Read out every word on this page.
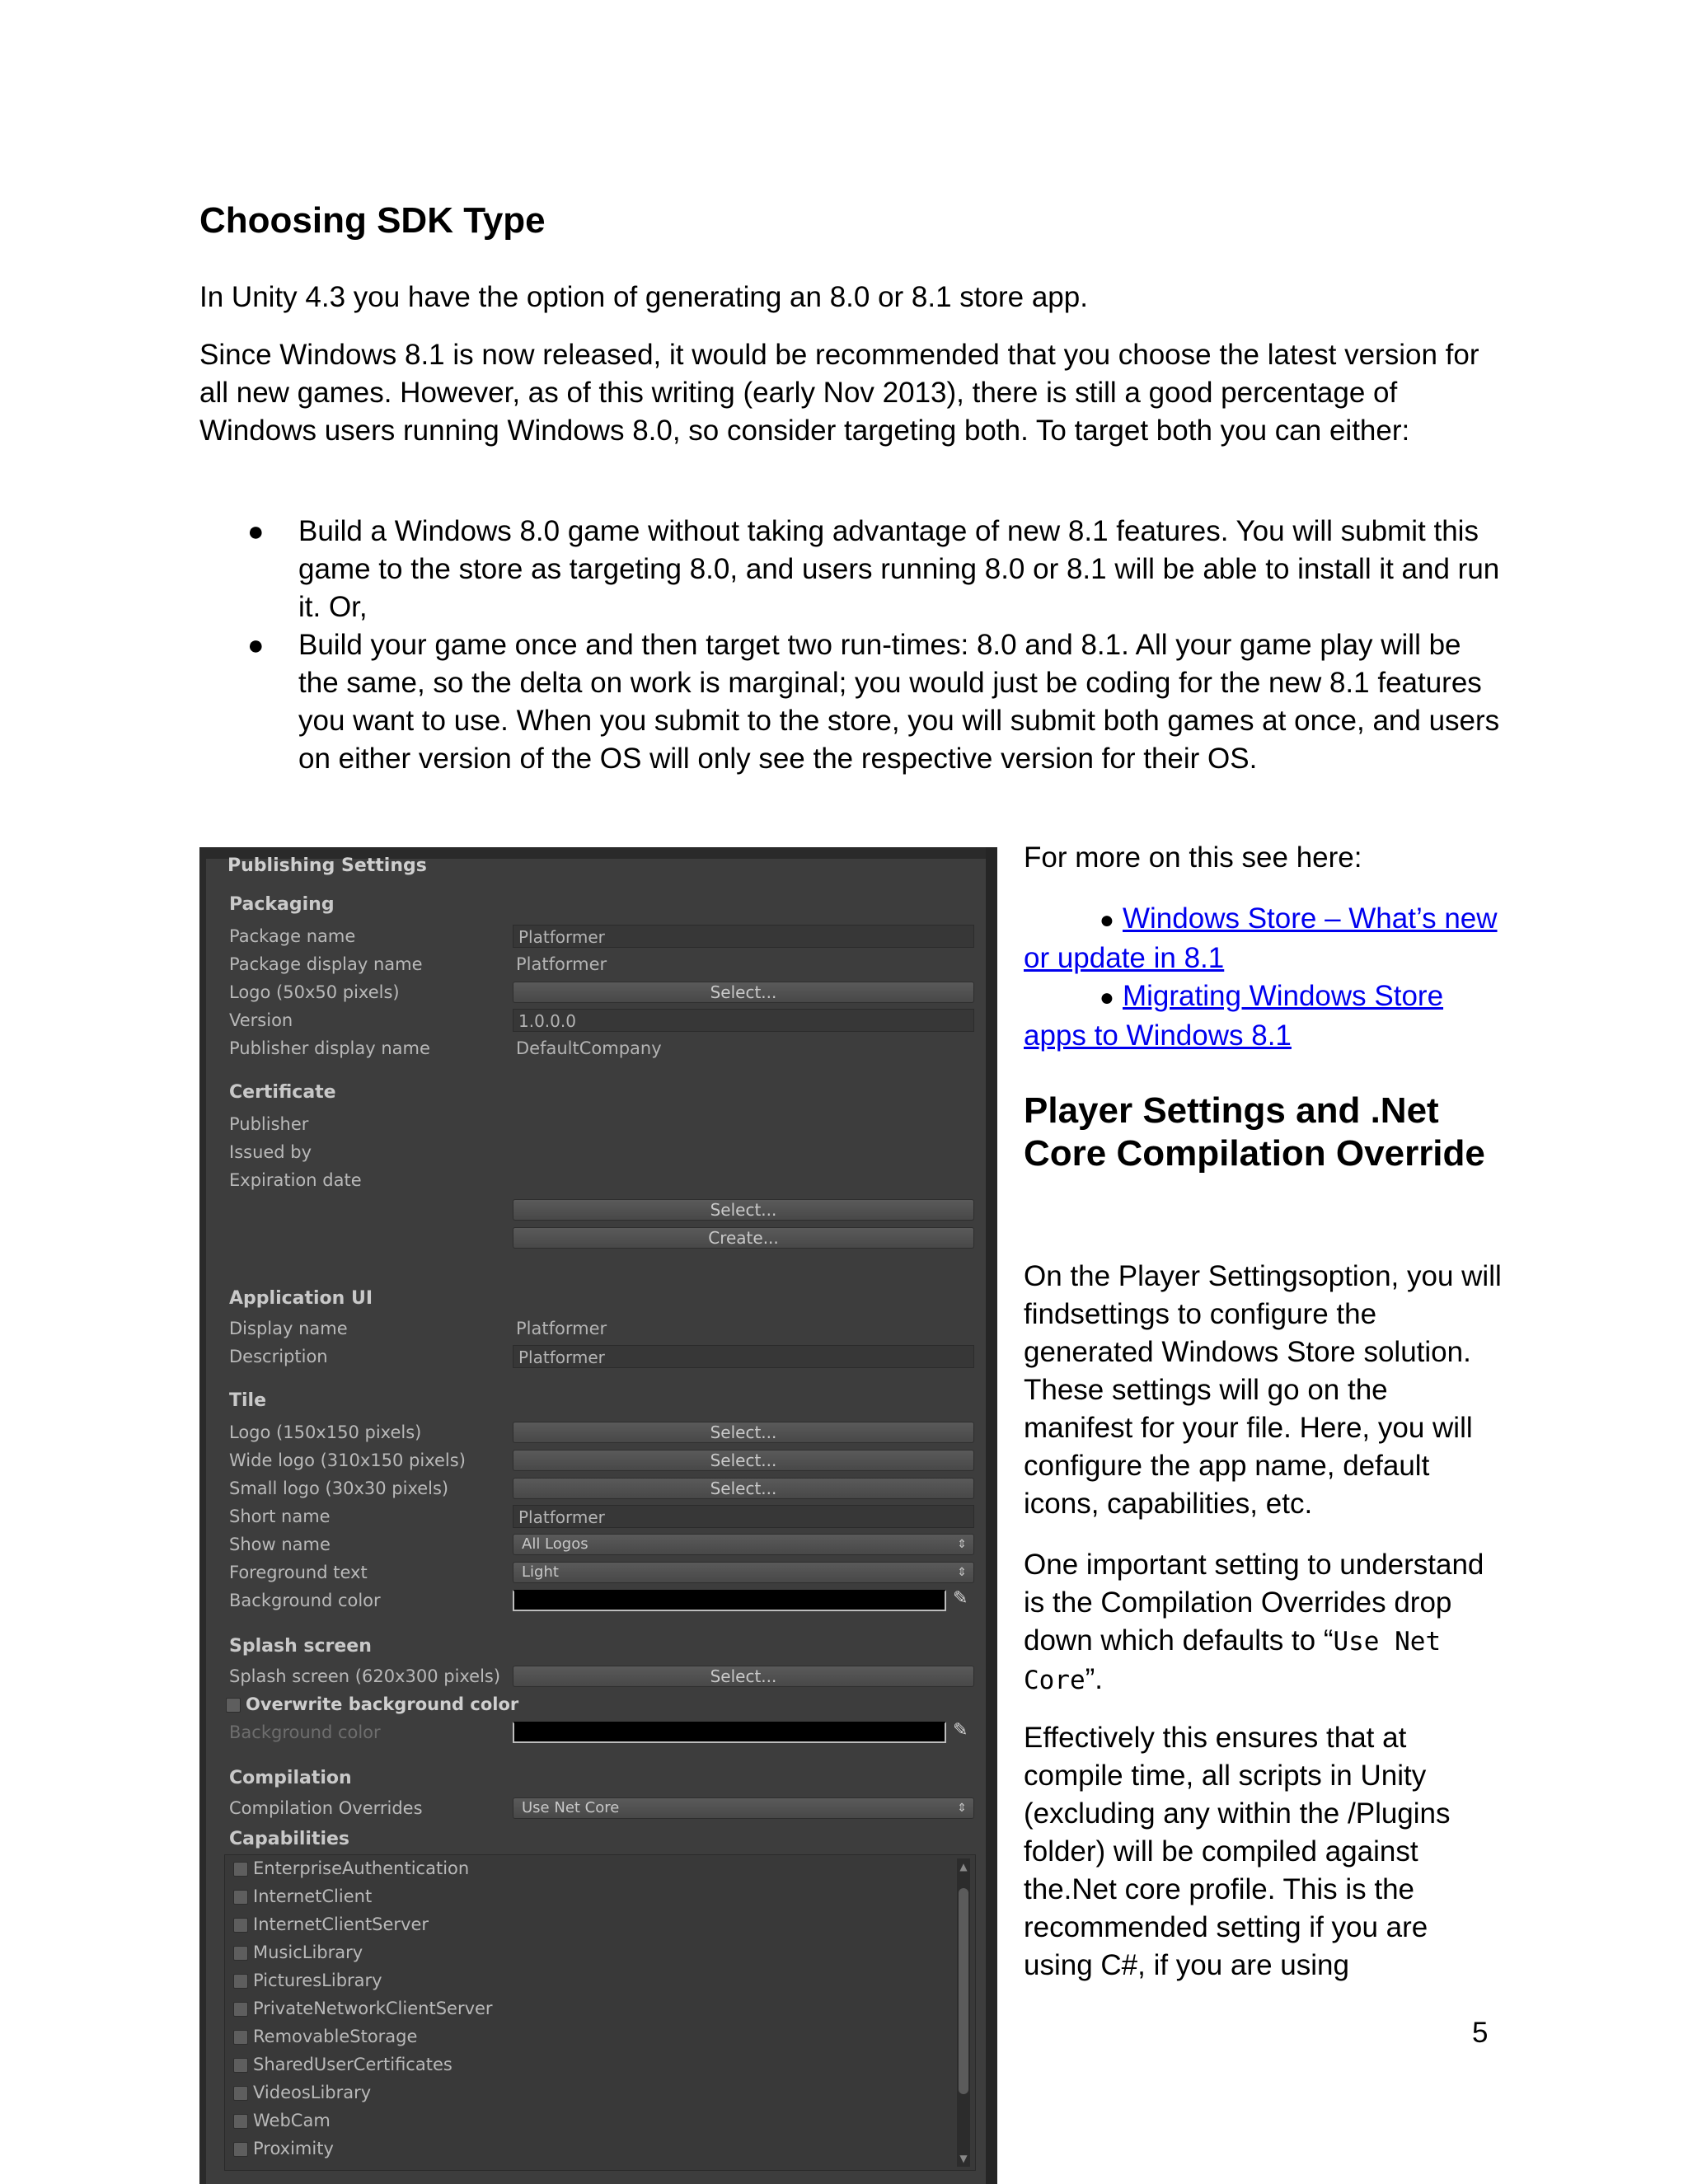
Choosing SDK Type

In Unity 4.3 you have the option of generating an 8.0 or 8.1 store app.

Since Windows 8.1 is now released, it would be recommended that you choose the latest version for all new games. However, as of this writing (early Nov 2013), there is still a good percentage of Windows users running Windows 8.0, so consider targeting both. To target both you can either:

● Build a Windows 8.0 game without taking advantage of new 8.1 features. You will submit this game to the store as targeting 8.0, and users running 8.0 or 8.1 will be able to install it and run it. Or,
● Build your game once and then target two run-times: 8.0 and 8.1. All your game play will be the same, so the delta on work is marginal; you would just be coding for the new 8.1 features you want to use. When you submit to the store, you will submit both games at once, and users on either version of the OS will only see the respective version for their OS.
Publishing Settings
Packaging
Package name	Platformer
Package display name	Platformer
Logo (50x50 pixels)	Select...
Version	1.0.0.0
Publisher display name	DefaultCompany
Certificate
Publisher
Issued by
Expiration date
Select...
Create...
Application UI
Display name	Platformer
Description	Platformer
Tile
Logo (150x150 pixels)	Select...
Wide logo (310x150 pixels)	Select...
Small logo (30x30 pixels)	Select...
Short name	Platformer
Show name	All Logos	⇕
Foreground text	Light	⇕
Background color	✎
Splash screen
Splash screen (620x300 pixels)	Select...
Overwrite background color
Background color	✎
Compilation
Compilation Overrides	Use Net Core	⇕
Capabilities
EnterpriseAuthentication
InternetClient
InternetClientServer
MusicLibrary
PicturesLibrary
PrivateNetworkClientServer
RemovableStorage
SharedUserCertificates
VideosLibrary
WebCam
Proximity
▲
▼

For more on this see here:

● Windows Store – What’s new or update in 8.1
● Migrating Windows Store apps to Windows 8.1
Player Settings and .Net Core Compilation Override

On the Player Settingsoption, you will findsettings to configure the generated Windows Store solution. These settings will go on the manifest for your file. Here, you will configure the app name, default icons, capabilities, etc.

One important setting to understand is the Compilation Overrides drop down which defaults to “Use Net Core”.

Effectively this ensures that at compile time, all scripts in Unity (excluding any within the /Plugins folder) will be compiled against the.Net core profile. This is the recommended setting if you are using C#, if you are using

5
